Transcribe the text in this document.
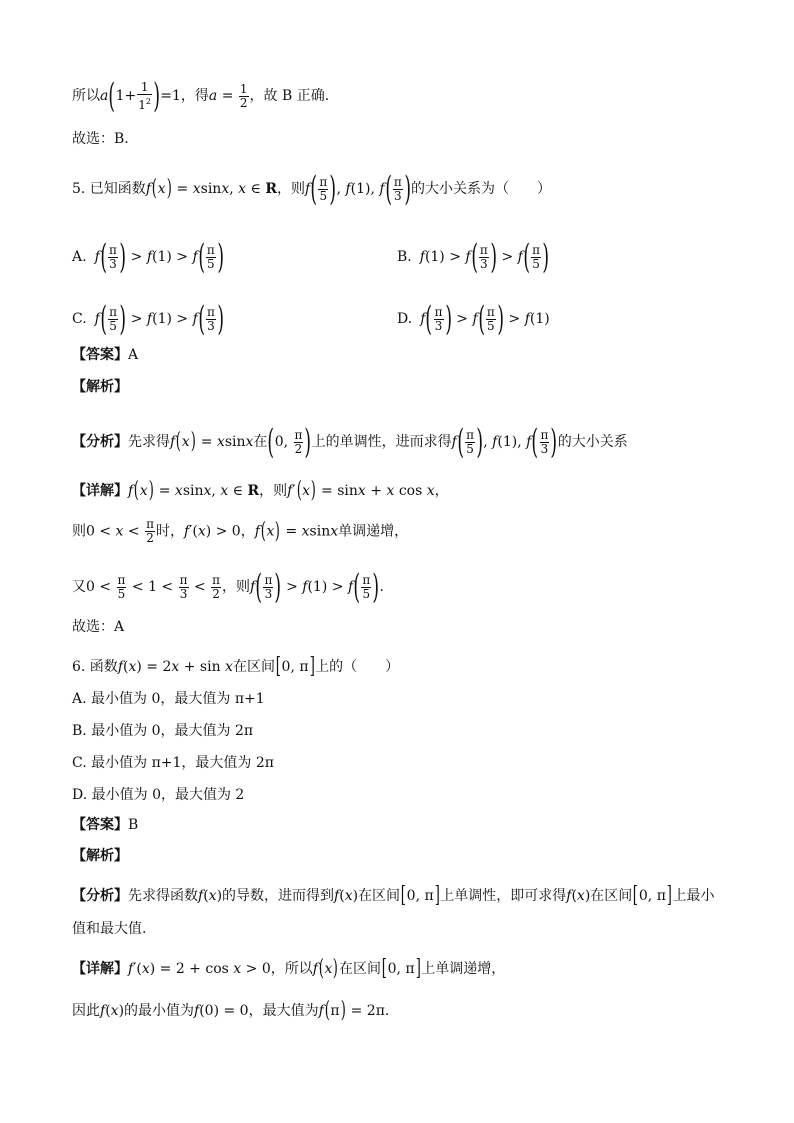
所以$a(1+ \frac{1}{1^2} )=1$，得$a = \frac{1}{2}$ ，故 B 正确.
故选：B.
5. 已知函数f(x) = xsinx, x ∈ R，则$f( \frac{\pi}{5}$ ), f(1), $f( \frac{\pi}{3}$ )的大小关系为（　　）
A. $f( \frac{\pi}{3}$ ) > $f(1) > f( \frac{\pi}{5}$ )	B. $f(1) > f( \frac{\pi}{3}$ ) > $f( \frac{\pi}{5}$ )
C. $f( \frac{\pi}{5}$ ) > $f(1) > f( \frac{\pi}{3}$ )	D. $f( \frac{\pi}{3}$ ) > $f( \frac{\pi}{5}$ ) > f(1)
【答案】A
【解析】
【分析】先求得f(x) = xsinx在(0, $\frac{\pi}{2}$ )上的单调性，进而求得$f( \frac{\pi}{5}$ ), f(1), $f( \frac{\pi}{3}$ )的大小关系
【详解】f(x) = xsinx, x ∈ R，则f′(x) = sinx + x cos x，
则$0 < x < \frac{\pi}{2}$ 时，f′(x) > 0，f(x) = xsinx单调递增，
又$0 < \frac{\pi}{5} < 1 < \frac{\pi}{3} < \frac{\pi}{2}$ ，则$f( \frac{\pi}{3}$ ) > $f(1) > f( \frac{\pi}{5}$ ).
故选：A
6. 函数f(x) = 2x + sin x在区间[0, π]上的（　　）
A. 最小值为 0，最大值为 π+1
B. 最小值为 0，最大值为 2π
C. 最小值为 π+1，最大值为 2π
D. 最小值为 0，最大值为 2
【答案】B
【解析】
【分析】先求得函数f(x)的导数，进而得到f(x)在区间[0, π]上单调性，即可求得f(x)在区间[0, π]上最小
值和最大值.
【详解】f′(x) = 2 + cos x > 0，所以f(x)在区间[0, π]上单调递增，
因此f(x)的最小值为f(0) = 0，最大值为f(π) = 2π.
